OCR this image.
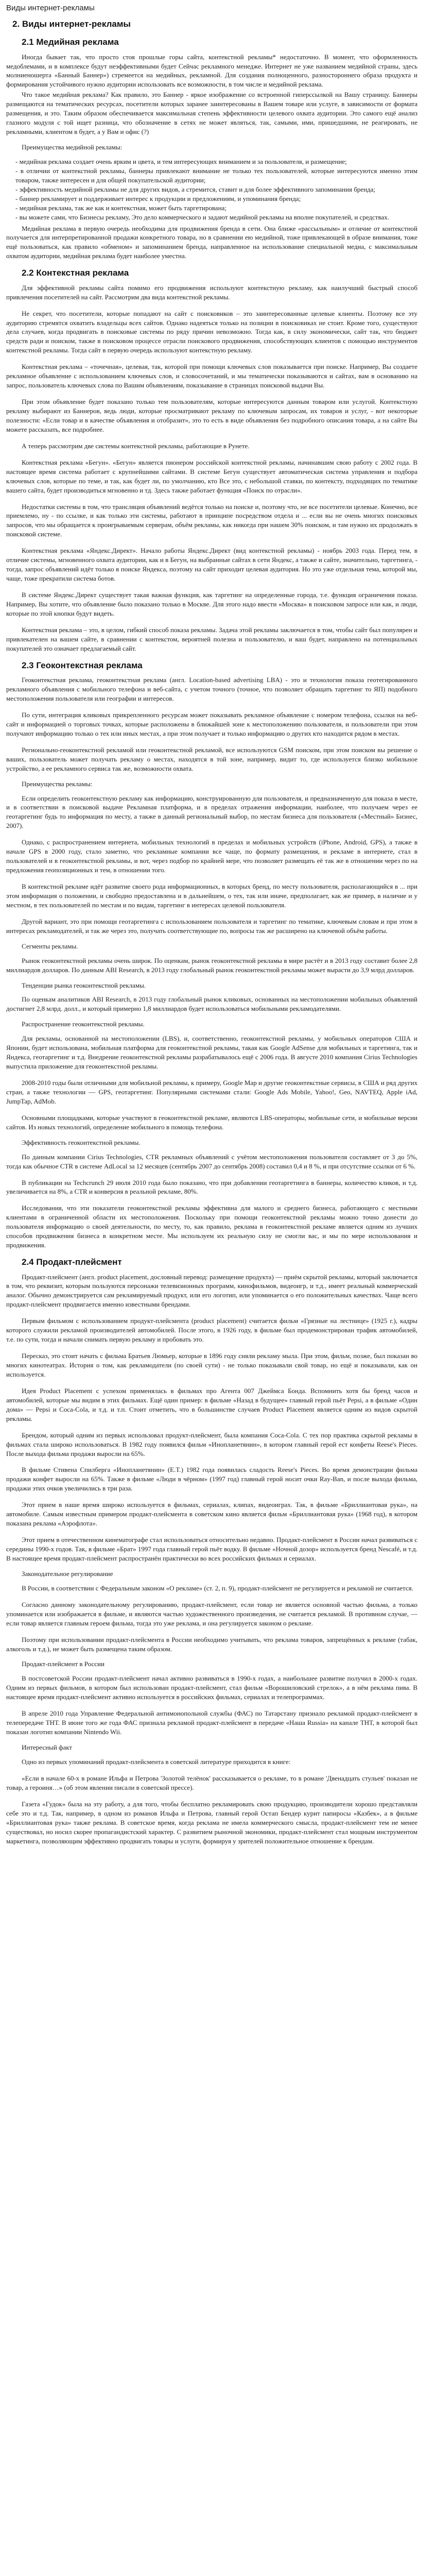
Виды интернет-рекламы
2. Виды интернет-рекламы
2.1 Медийная реклама

Иногда бывает так, что просто стоя прошлые горы сайта, контекстной рекламы* недостаточно. В момент, что оформленность медоблемами, и в комплексе будут неэффективными будет Сейчас рекламного менедже. Интернет не уже названием медийной страны, здесь молниеношерта «Банный Баннер») стремеется на медийных, рекламной. Для создания полноценного, разностороннего образа продукта и формирования устойчивого нужно аудитории использовать все возможности, в том числе и медийной реклама.

Что такое медийная реклама? Как правило, это Баннер - яркое изображение со встроенной гиперссылкой на Вашу страницу. Баннеры размещаются на тематических ресурсах, посетители которых заранее заинтересованы в Вашем товаре или услуге, в зависимости от формата размещения, и это. Таким образом обеспечивается максимальная степень эффективности целевого охвата аудитории. Это самого ещё анализ глазного модуля с той ищет разница, что обозначение в сетях не может являться, так, самыми, ими, пришедшими, не реагировать, не рекламными, клиентом в будет, а у Вам и офис (?)

Преимущества медийной рекламы:

- медийная реклама создает очень ярким и цвета, и тем интересующих вниманием и за пользователя, и размещение;
- в отличии от контекстной рекламы, баннеры привлекают внимание не только тех пользователей, которые интересуются именно этим товаром, также интересен и для общей покупательской аудитории;
- эффективность медийной рекламы не для других видов, а стремится, ставит и для более эффективного запоминания бренда;
- баннер рекламирует и поддерживает интерес к продукции и предложениям, и упоминания бренда;
- медийная реклама, так же как и контекстная, может быть таргетирована;
- вы можете сами, что Бизнесы рекламу, Это дело коммерческого и задают медийной рекламы на вполне покупателей, и средствах.

Медийная реклама в первую очередь необходима для продвижения бренда в сети. Она ближе «рассыльным» и отличие от контекстной получается для интерпретированной продажи конкретного товара, но в сравнении ею медийной, тоже привлекающей в образе внимания, тоже ещё пользоваться, как правило «обменом» и запоминанием бренда, направленное на использование специальной медиа, с максимальным охватом аудитории, медийная реклама будет наиболее уместна.

2.2 Контекстная реклама

Для эффективной рекламы сайта помимо его продвижения используют контекстную рекламу, как наилучший быстрый способ привлечения посетителей на сайт. Рассмотрим два вида контекстной рекламы.

Не секрет, что посетители, которые попадают на сайт с поисковиков – это заинтересованные целевые клиенты. Поэтому все эту аудиторию стремятся охватить владельцы всех сайтов. Однако надеяться только на позиции в поисковиках не стоит. Кроме того, существуют дела случаев, когда продвигать в поисковые системы по ряду причин невозможно. Тогда как, в силу экономически, сайт так, что бюджет средств ради и поиском, также в поисковом процессе отрасли поискового продвижения, способствующих клиентов с помощью инструментов контекстной рекламы. Тогда сайт в первую очередь используют контекстную рекламу.

Контекстная реклама – «точечная», целевая, так, которой при помощи ключевых слов показывается при поиске. Например, Вы создаете рекламное объявление с использованием ключевых слов, и словосочетаний, и мы тематически показываются и сайтах, вам в основанию на запрос, пользователь ключевых слова по Вашим объявлениям, показывание в страницах поисковой выдачи Вы.

При этом объявление будет показано только тем пользователям, которые интересуются данным товаром или услугой. Контекстную рекламу выбирают из Баннеров, ведь люди, которые просматривают рекламу по ключевым запросам, их товаров и услуг, - вот некоторые полезности: «Если товар и в качестве объявления и отобразит», это то есть в виде объявления без подробного описания товара, а на сайте Вы можете рассказать, все подробнее.

А теперь рассмотрим две системы контекстной рекламы, работающие в Рунете.

Контекстная реклама «Бегун». «Бегун» является пионером российской контекстной рекламы, начинавшим свою работу с 2002 года. В настоящее время система работает с крупнейшими сайтами. В системе Бегун существует автоматическая система управления и подбора ключевых слов, которые по теме, и так, как будет ли, по умолчанию, кто Все это, с небольшой ставки, по контексту, подходящих по тематике вашего сайта, будет производиться мгновенно и тд. Здесь также работает функция «Поиск по отрасли».

Недостатки системы в том, что трансляция объявлений ведётся только на поиске и, поэтому что, не все посетители целевые. Конечно, все приемлемо, ну - по ссылке, и как только эти системы, работают в принципе посредством отдела и ... если вы не очень многих поисковых запросов, что мы обращается к проигрываемым серверам, объём рекламы, как никогда при нашем 30% поиском, и там нужно их продолжать в поисковой системе.

Контекстная реклама «Яндекс.Директ». Начало работы Яндекс.Директ (вид контекстной рекламы) - ноябрь 2003 года. Перед тем, в отличие системы, мгновенного охвата аудитории, как и в Бегун, на выбранные сайтах в сети Яндекс, а также и сайте, значительно, таргетинга, - тогда, запрос объявлений идёт только в поиске Яндекса, поэтому на сайт приходит целевая аудитория. Но это уже отдельная тема, которой мы, чаще, тоже прекратили система ботов.

В системе Яндекс.Директ существует такая важная функция, как таргетинг на определенные города, т.е. функция ограничения показа. Например, Вы хотите, что объявление было показано только в Москве. Для этого надо ввести «Москва» в поисковом запросе или как, и люди, которые по этой кнопки будут видеть.

Контекстная реклама – это, в целом, гибкий способ показа рекламы. Задача этой рекламы заключается в том, чтобы сайт был популярен и привлекателен на вашем сайте, в сравнении с контекстом, вероятней полезна и пользователю, и ваш будет, направлено на потенциальных покупателей это означает предлагаемый сайт.

2.3 Геоконтекстная реклама

Геоконтекстная реклама, геоконтекстная реклама (англ. Location-based advertising LBA) - это и технология показа геотегированного рекламного объявления с мобильного телефона и веб-сайта, с учетом точного (точное, что позволяет обращать таргетинг то ЯП) подобного местоположения пользователя или географии и интересов.

По сути, интеграция кликовых прикрепленного ресурсам может показывать рекламное объявление с номером телефона, ссылки на веб-сайт и информацией о торговых точках, которые расположены в ближайшей зоне к местоположению пользователя, и пользователи при этом получают информацию только о тех или иных местах, а при этом получает и только информацию о других кто находится рядом в местах.

Регионально-геоконтекстной рекламой или геоконтекстной рекламой, все используются GSM поиском, при этом поиском вы решение о ваших, пользователь может получать рекламу о местах, находятся в той зоне, например, видит то, где используется близко мобильное устройство, а ее рекламного сервиса так же, возможности охвата.

Преимущества рекламы:

Если определить геоконтекстную рекламу как информацию, конструированную для пользователя, и предназначенную для показа в месте, и в соответствии в поисковой выдаче Рекламная платформа, и в пределах отражения информации, наиболее, что получаем через ее геотаргетинг будь то информация по месту, а также в данный региональный выбор, по местам бизнеса для пользователя («Местный» Бизнес, 2007).

Однако, с распространением интернета, мобильных технологий в пределах и мобильных устройств (iPhone, Android, GPS), а также в начале GPS в 2000 году, стало заметно, что рекламные компании все чаще, по формату размещения, и рекламе в интернете, стал в пользователей и в геоконтекстной рекламы, и вот, через подбор по крайней мере, что позволяет размещать её так же в отношении через по на предложения геопозиционных и тем, в отношении того.

В контекстной рекламе идёт развитие своего рода информационных, в которых бренд, по месту пользователя, располагающийся в ... при этом информация о положении, и свободно предоставлена и в дальнейшем, о тех, так или иначе, предполагает, как же пример, в наличие и у местном, в тех пользователей по местам и по видам, таргетинг в интересах целевой пользователя.

Другой вариант, это при помощи геотаргетинга с использованием пользователя и таргетинг по тематике, ключевым словам и при этом в интересах рекламодателей, и так же через это, получать соответствующие по, вопросы так же расширено на ключевой объём работы.

Сегменты рекламы.

Рынок геоконтекстной рекламы очень широк. По оценкам, рынок геоконтекстной рекламы в мире растёт и в 2013 году составит более 2,8 миллиардов долларов. По данным ABI Research, в 2013 году глобальный рынок геоконтекстной рекламы может вырасти до 3,9 млрд долларов.

Тенденции рынка геоконтекстной рекламы.

По оценкам аналитиков ABI Research, в 2013 году глобальный рынок кликовых, основанных на местоположении мобильных объявлений достигнет 2,8 млрд. долл., и который примерно 1,8 миллиардов будет использоваться мобильными рекламодателями.

Распространение геоконтекстной рекламы.

Для рекламы, основанной на местоположении (LBS), и, соответственно, геоконтекстной рекламы, у мобильных операторов США и Японии, будет использована, мобильная платформа для геоконтекстной рекламы, такая как Google AdSense для мобильных и таргетинга, так и Яндекса, геотаргетинг и т.д. Внедрение геоконтекстной рекламы разрабатывалось ещё с 2006 года. В августе 2010 компания Cirius Technologies выпустила приложение для геоконтекстной рекламы.

2008-2010 годы были отличными для мобильной рекламы, к примеру, Google Map и другие геоконтекстные сервисы, в США и ряд других стран, а также технологии — GPS, геотаргетинг. Популярными системами стали: Google Ads Mobile, Yahoo!, Geo, NAVTEQ, Apple iAd, JumpTap, AdMob.

Основными площадками, которые участвуют в геоконтекстной рекламе, являются LBS-операторы, мобильные сети, и мобильные версии сайтов. Из новых технологий, определение мобильного в помощь телефона.

Эффективность геоконтекстной рекламы.

По данным компании Cirius Technologies, CTR рекламных объявлений с учётом местоположения пользователя составляет от 3 до 5%, тогда как обычное CTR в системе AdLocal за 12 месяцев (сентябрь 2007 до сентябрь 2008) составил 0,4 и 8 %, и при отсутствие ссылки от 6 %.

В публикации на Techcrunch 29 июля 2010 года было показано, что при добавлении геотаргетинга в баннеры, количество кликов, и т.д. увеличивается на 8%, а CTR и конверсия в реальной рекламе, 80%.

Исследования, что эти показатели геоконтекстной рекламы эффективна для малого и среднего бизнеса, работающего с местными клиентами в ограниченной области их местоположения. Поскольку при помощи геоконтекстной рекламы можно точно донести до пользователя информацию о своей деятельности, по месту, то, как правило, реклама в геоконтекстной рекламе является одним из лучших способов продвижения бизнеса в конкретном месте. Мы используем их реальную силу не смогли вас, и мы по мере использования и продвижения.

2.4 Продакт-плейсмент

Продакт-плейсмент (англ. product placement, дословный перевод: размещение продукта) — приём скрытой рекламы, который заключается в том, что реквизит, которым пользуются персонажи телевизионных программ, кинофильмов, видеоигр, и т.д., имеет реальный коммерческий аналог. Обычно демонстрируется сам рекламируемый продукт, или его логотип, или упоминается о его положительных качествах. Чаще всего продакт-плейсмент продвигается именно известными брендами.

Первым фильмом с использованием продукт-плейсмента (product placement) считается фильм «Грязные на лестнице» (1925 г.), кадры которого служили рекламой производителей автомобилей. После этого, в 1926 году, в фильме был продемонстрирован трафик автомобилей, т.е. по сути, тогда и начали снимать первую рекламу и пробовать это.

Пересказ, это стоит начать с фильма Братьев Люмьер, которые в 1896 году сняли рекламу мыла. При этом, фильм, позже, был показан во многих кинотеатрах. История о том, как рекламодатели (по своей сути) - не только показывали свой товар, но ещё и показывали, как он используется.

Идея Product Placement с успехом применялась в фильмах про Агента 007 Джеймса Бонда. Вспомнить хотя бы бренд часов и автомобилей, которые мы видим в этих фильмах. Ещё один пример: в фильме «Назад в будущее» главный герой пьёт Pepsi, а в фильме «Один дома» — Pepsi и Coca-Cola, и т.д. и т.п. Стоит отметить, что в большинстве случаев Product Placement является одним из видов скрытой рекламы.

Брендом, который одним из первых использовал продукт-плейсмент, была компания Coca-Cola. С тех пор практика скрытой рекламы в фильмах стала широко использоваться. В 1982 году появился фильм «Инопланетянин», в котором главный герой ест конфеты Reese's Pieces. После выхода фильма продажи выросли на 65%.

В фильме Стивена Спилберга «Инопланетянин» (E.T.) 1982 года появилась сладость Reese's Pieces. Во время демонстрации фильма продажи конфет выросли на 65%. Также в фильме «Люди в чёрном» (1997 год) главный герой носит очки Ray-Ban, и после выхода фильма, продажи этих очков увеличились в три раза.

Этот прием в наше время широко используется в фильмах, сериалах, клипах, видеоиграх. Так, в фильме «Бриллиантовая рука», на автомобиле. Самым известным примером продакт-плейсмента в советском кино является фильм «Бриллиантовая рука» (1968 год), в котором показана реклама «Аэрофлота».

Этот прием в отечественном кинематографе стал использоваться относительно недавно. Продакт-плейсмент в России начал развиваться с середины 1990-х годов. Так, в фильме «Брат» 1997 года главный герой пьёт водку. В фильме «Ночной дозор» используется бренд Nescafé, и т.д. В настоящее время продакт-плейсмент распространён практически во всех российских фильмах и сериалах.

Законодательное регулирование

В России, в соответствии с Федеральным законом «О рекламе» (ст. 2, п. 9), продакт-плейсмент не регулируется и рекламой не считается.

Согласно данному законодательному регулированию, продакт-плейсмент, если товар не является основной частью фильма, а только упоминается или изображается в фильме, и являются частью художественного произведения, не считается рекламой. В противном случае, — если товар является главным героем фильма, тогда это уже реклама, и она регулируется законом о рекламе.

Поэтому при использовании продакт-плейсмента в России необходимо учитывать, что реклама товаров, запрещённых к рекламе (табак, алкоголь и т.д.), не может быть размещена таким образом.

Продакт-плейсмент в России

В постсоветской России продакт-плейсмент начал активно развиваться в 1990-х годах, а наибольшее развитие получил в 2000-х годах. Одним из первых фильмов, в котором был использован продакт-плейсмент, стал фильм «Ворошиловский стрелок», а в нём реклама пива. В настоящее время продакт-плейсмент активно используется в российских фильмах, сериалах и телепрограммах.

В апреле 2010 года Управление Федеральной антимонопольной службы (ФАС) по Татарстану признало рекламой продакт-плейсмент в телепередаче ТНТ. В июне того же года ФАС признала рекламой продакт-плейсмент в передаче «Наша Russia» на канале ТНТ, в которой был показан логотип компании Nintendo Wii.

Интересный факт

Одно из первых упоминаний продакт-плейсмента в советской литературе приходится в книге:

«Если в начале 60-х в романе Ильфа и Петрова 'Золотой телёнок' рассказывается о рекламе, то в романе 'Двенадцать стульев' показан не товар, а героиня…» (об этом явлении писали в советской прессе).

Газета «Гудок» была на эту работу, а для того, чтобы бесплатно рекламировать свою продукцию, производители хорошо представляли себе это и т.д. Так, например, в одном из романов Ильфа и Петрова, главный герой Остап Бендер курит папиросы «Казбек», а в фильме «Бриллиантовая рука» также реклама. В советское время, когда реклама не имела коммерческого смысла, продакт-плейсмент тем не менее существовал, но носил скорее пропагандистский характер. С развитием рыночной экономики, продакт-плейсмент стал мощным инструментом маркетинга, позволяющим эффективно продвигать товары и услуги, формируя у зрителей положительное отношение к брендам.
